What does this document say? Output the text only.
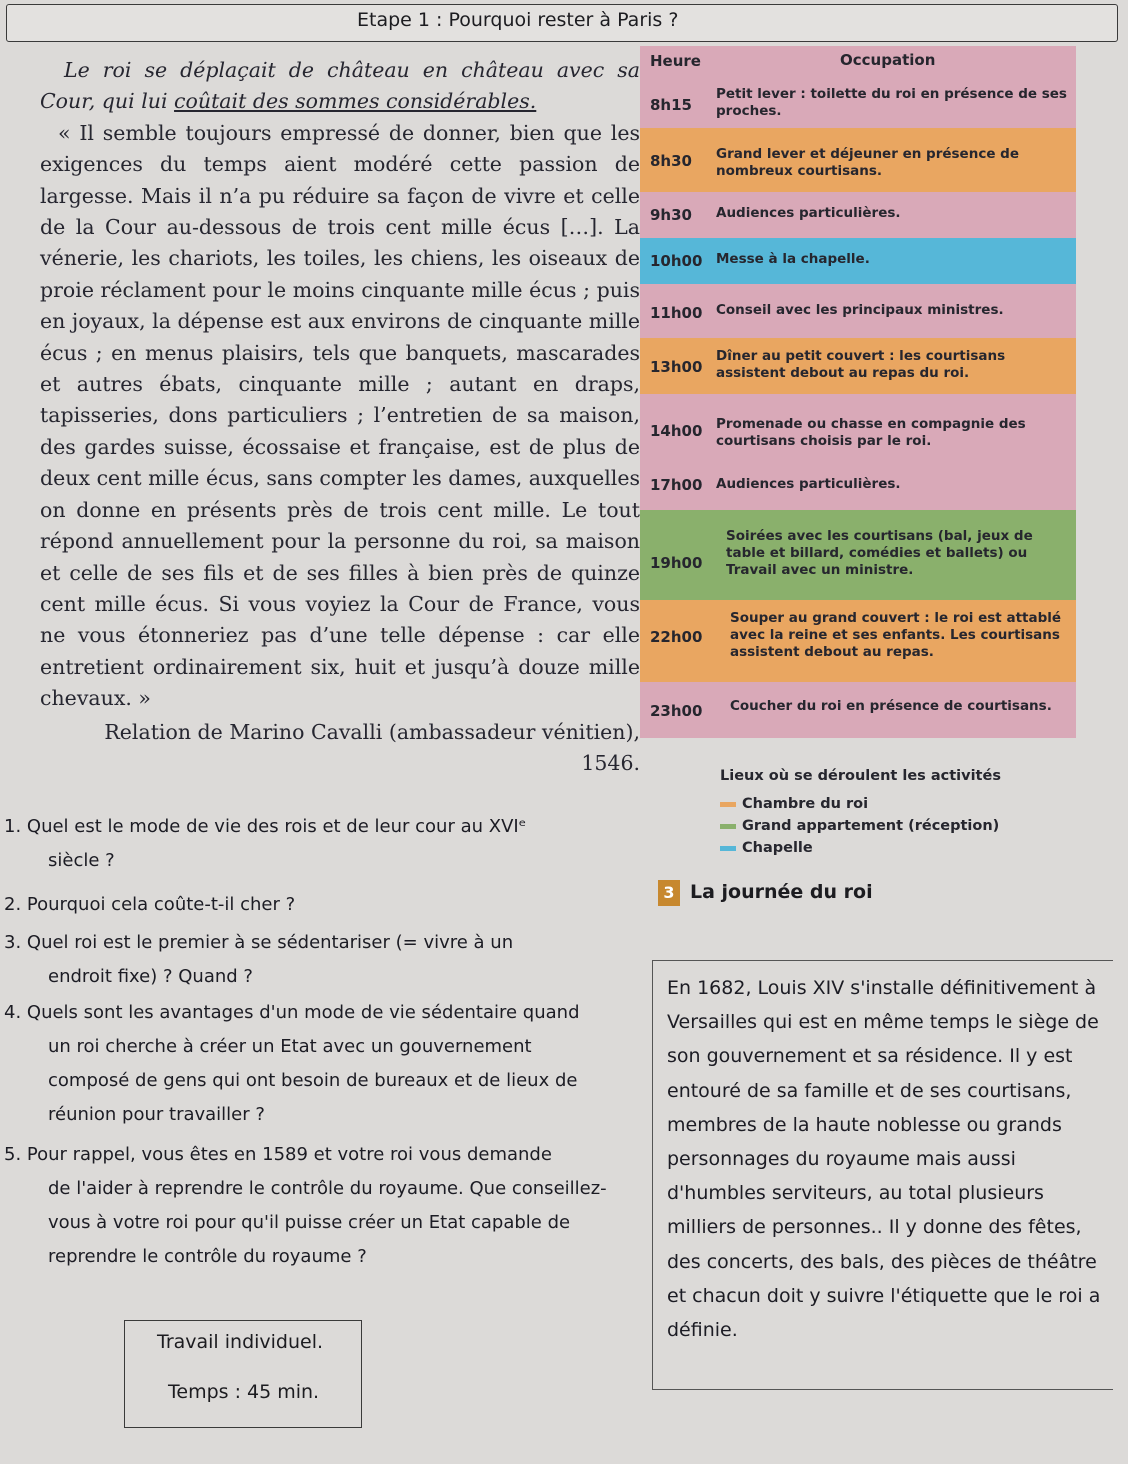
Etape 1 : Pourquoi rester à Paris ?

Le roi se déplaçait de château en château avec sa Cour, qui lui coûtait des sommes considérables.

« Il semble toujours empressé de donner, bien que les exigences du temps aient modéré cette passion de largesse. Mais il n’a pu réduire sa façon de vivre et celle de la Cour au-dessous de trois cent mille écus […]. La vénerie, les chariots, les toiles, les chiens, les oiseaux de proie réclament pour le moins cinquante mille écus ; puis en joyaux, la dépense est aux environs de cinquante mille écus ; en menus plaisirs, tels que banquets, mascarades et autres ébats, cinquante mille ; autant en draps, tapisseries, dons particuliers ; l’entretien de sa maison, des gardes suisse, écossaise et française, est de plus de deux cent mille écus, sans compter les dames, auxquelles on donne en présents près de trois cent mille. Le tout répond annuellement pour la personne du roi, sa maison et celle de ses fils et de ses filles à bien près de quinze cent mille écus. Si vous voyiez la Cour de France, vous ne vous étonneriez pas d’une telle dépense : car elle entretient ordinairement six, huit et jusqu’à douze mille chevaux. »

Relation de Marino Cavalli (ambassadeur vénitien), 1546.

Heure	Occupation
8h15
Petit lever : toilette du roi en présence de ses proches.
8h30 Grand lever et déjeuner en présence de nombreux courtisans.
9h30 Audiences particulières.
10h00 Messe à la chapelle.
11h00 Conseil avec les principaux ministres.
13h00
Dîner au petit couvert : les courtisans assistent debout au repas du roi.
14h00 Promenade ou chasse en compagnie des courtisans choisis par le roi.
17h00 Audiences particulières.
19h00
Soirées avec les courtisans (bal, jeux de table et billard, comédies et ballets) ou Travail avec un ministre.
22h00
Souper au grand couvert : le roi est attablé avec la reine et ses enfants. Les courtisans assistent debout au repas.
23h00 Coucher du roi en présence de courtisans.
Lieux où se déroulent les activités
Chambre du roi
Grand appartement (réception)
Chapelle
3 La journée du roi

1. Quel est le mode de vie des rois et de leur cour au XVIᵉ

siècle ?

2. Pourquoi cela coûte-t-il cher ?

3. Quel roi est le premier à se sédentariser (= vivre à un

endroit fixe) ? Quand ?

4. Quels sont les avantages d'un mode de vie sédentaire quand

un roi cherche à créer un Etat avec un gouvernement composé de gens qui ont besoin de bureaux et de lieux de réunion pour travailler ?

5. Pour rappel, vous êtes en 1589 et votre roi vous demande

de l'aider à reprendre le contrôle du royaume. Que conseillez-vous à votre roi pour qu'il puisse créer un Etat capable de reprendre le contrôle du royaume ?

En 1682, Louis XIV s'installe définitivement à Versailles qui est en même temps le siège de son gouvernement et sa résidence. Il y est entouré de sa famille et de ses courtisans, membres de la haute noblesse ou grands personnages du royaume mais aussi d'humbles serviteurs, au total plusieurs milliers de personnes.. Il y donne des fêtes, des concerts, des bals, des pièces de théâtre et chacun doit y suivre l'étiquette que le roi a définie.
Travail individuel.
Temps : 45 min.
